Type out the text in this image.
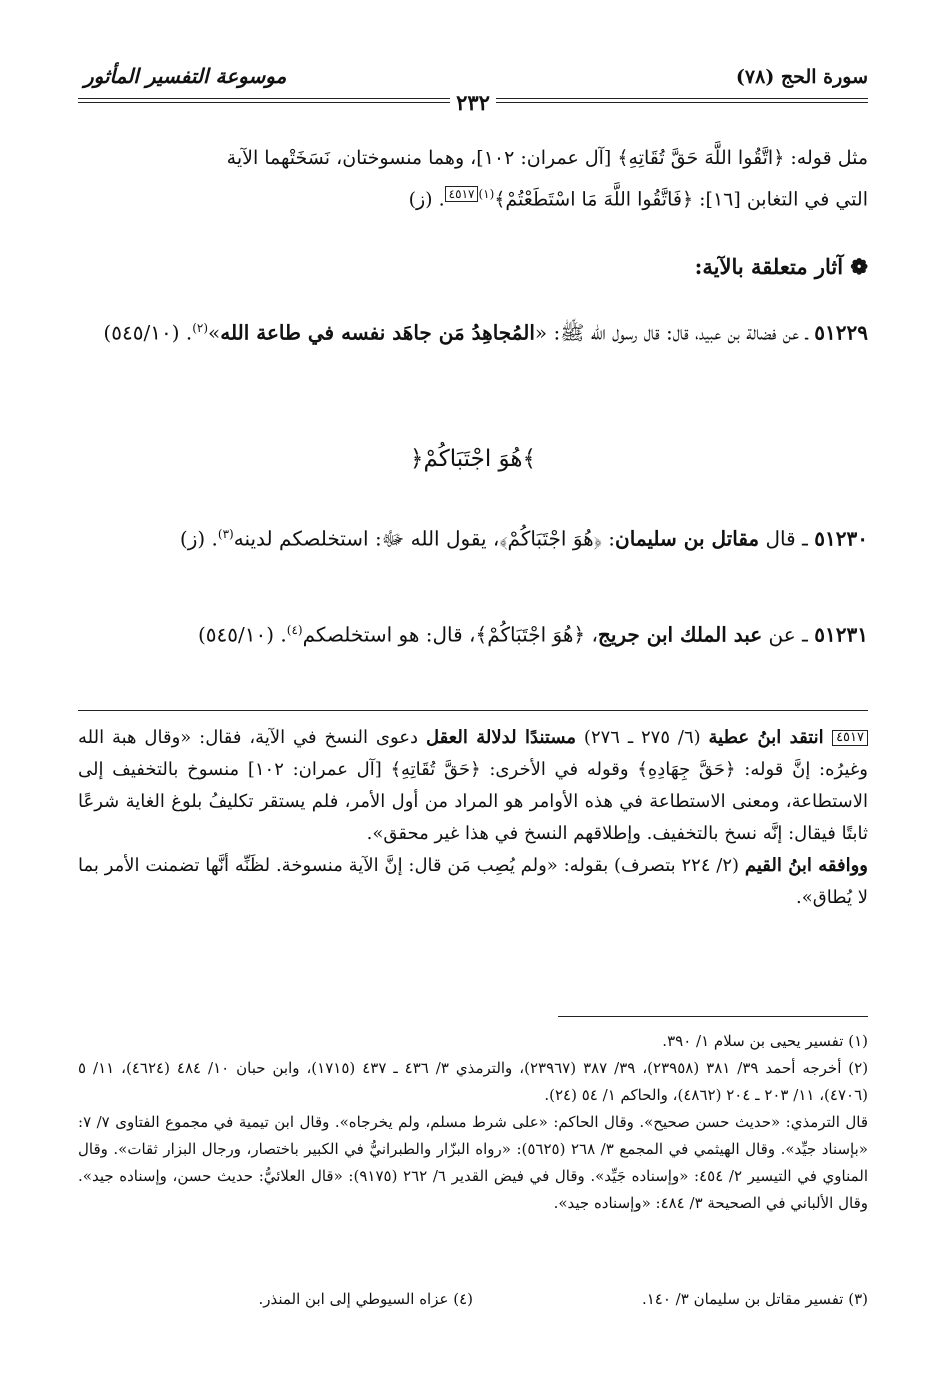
سورة الحج (٧٨)
موسوعة التفسير المأثور
٢٣٢

مثل قوله: ﴿اتَّقُوا اللَّهَ حَقَّ تُقَاتِهِ﴾ [آل عمران: ١٠٢]، وهما منسوختان، نَسَخَتْهما الآية

التي في التغابن [١٦]: ﴿فَاتَّقُوا اللَّهَ مَا اسْتَطَعْتُمْ﴾$^{(١)}$٤٥١٧. (ز)

❁ آثار متعلقة بالآية:

٥١٢٢٩ ـ عن فضالة بن عبيد، قال: قال رسول الله ﷺ: «المُجاهِدُ مَن جاهَد نفسه في طاعة الله»$^{(٢)}$. (٥٤٥/١٠)

﴿هُوَ اجْتَبَاكُمْ﴾

٥١٢٣٠ ـ قال مقاتل بن سليمان: ﴿هُوَ اجْتَبَاكُمْ﴾، يقول الله ﷻ: استخلصكم لدينه$^{(٣)}$. (ز)

٥١٢٣١ ـ عن عبد الملك ابن جريج، ﴿هُوَ اجْتَبَاكُمْ﴾، قال: هو استخلصكم$^{(٤)}$. (٥٤٥/١٠)

٤٥١٧ انتقد ابنُ عطية (٦/ ٢٧٥ ـ ٢٧٦) مستندًا لدلالة العقل دعوى النسخ في الآية، فقال: «وقال هبة الله وغيرُه: إنَّ قوله: ﴿حَقَّ جِهَادِهِ﴾ وقوله في الأخرى: ﴿حَقَّ تُقَاتِهِ﴾ [آل عمران: ١٠٢] منسوخ بالتخفيف إلى الاستطاعة، ومعنى الاستطاعة في هذه الأوامر هو المراد من أول الأمر، فلم يستقر تكليفُ بلوغ الغاية شرعًا ثابتًا فيقال: إنَّه نسخ بالتخفيف. وإطلاقهم النسخ في هذا غير محقق».

ووافقه ابنُ القيم (٢/ ٢٢٤ بتصرف) بقوله: «ولم يُصِب مَن قال: إنَّ الآية منسوخة. لظَنِّه أنَّها تضمنت الأمر بما لا يُطاق».

(١) تفسير يحيى بن سلام ١/ ٣٩٠.

(٢) أخرجه أحمد ٣٩/ ٣٨١ (٢٣٩٥٨)، ٣٩/ ٣٨٧ (٢٣٩٦٧)، والترمذي ٣/ ٤٣٦ ـ ٤٣٧ (١٧١٥)، وابن حبان ١٠/ ٤٨٤ (٤٦٢٤)، ١١/ ٥ (٤٧٠٦)، ١١/ ٢٠٣ ـ ٢٠٤ (٤٨٦٢)، والحاكم ١/ ٥٤ (٢٤).

قال الترمذي: «حديث حسن صحيح». وقال الحاكم: «على شرط مسلم، ولم يخرجاه». وقال ابن تيمية في مجموع الفتاوى ٧/ ٧: «بإسناد جيِّد». وقال الهيثمي في المجمع ٣/ ٢٦٨ (٥٦٢٥): «رواه البزّار والطبرانيُّ في الكبير باختصار، ورجال البزار ثقات». وقال المناوي في التيسير ٢/ ٤٥٤: «وإسناده جَيِّد». وقال في فيض القدير ٦/ ٢٦٢ (٩١٧٥): «قال العلائيُّ: حديث حسن، وإسناده جيد». وقال الألباني في الصحيحة ٣/ ٤٨٤: «وإسناده جيد».

(٣) تفسير مقاتل بن سليمان ٣/ ١٤٠.
(٤) عزاه السيوطي إلى ابن المنذر.
